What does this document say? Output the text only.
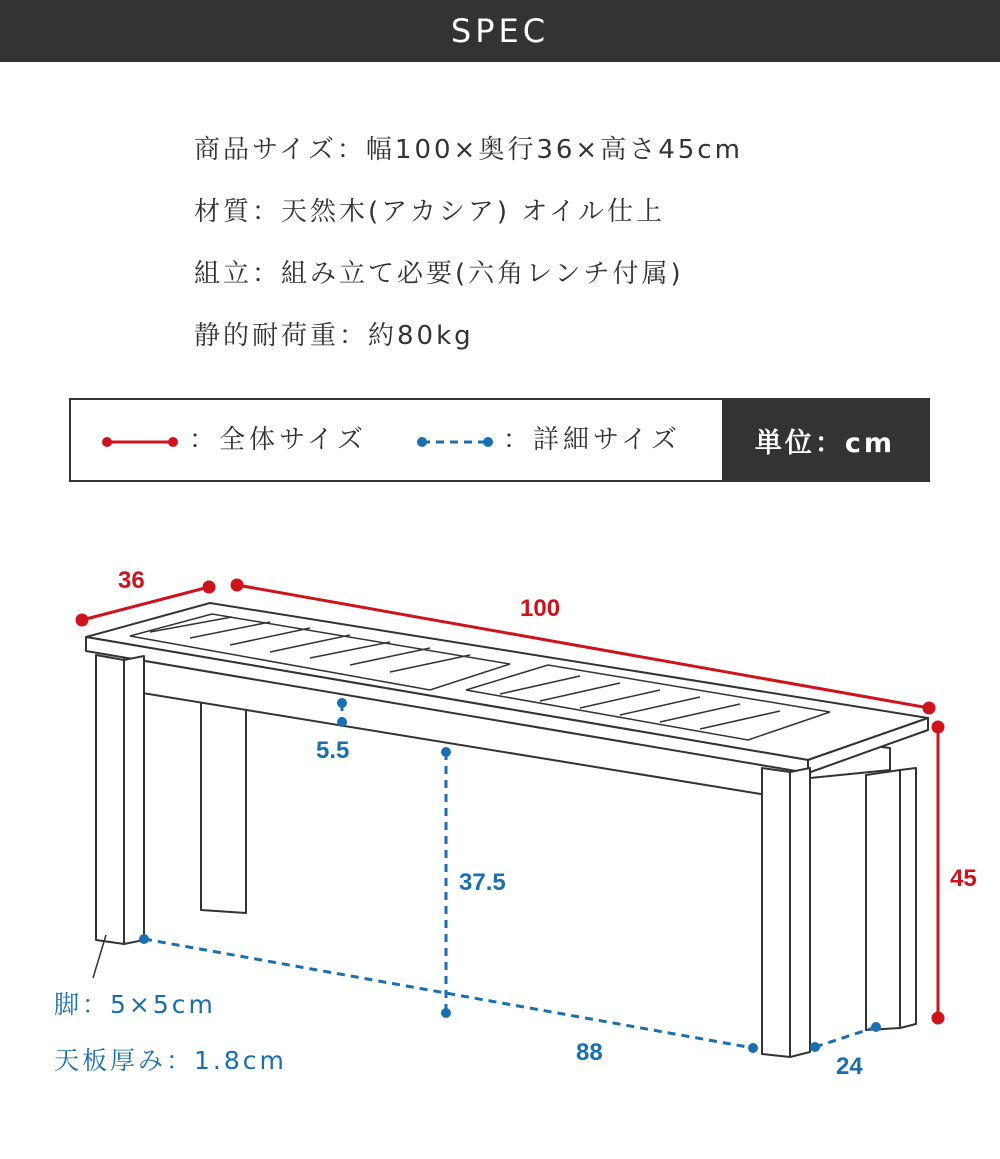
SPEC
商品サイズ：幅100×奥行36×高さ45cm
材質：天然木(アカシア) オイル仕上
組立：組み立て必要(六角レンチ付属)
静的耐荷重：約80kg
：全体サイズ	：詳細サイズ	単位：cm
36
100
45
5.5
37.5
88
24
脚：5×5cm
天板厚み：1.8cm
